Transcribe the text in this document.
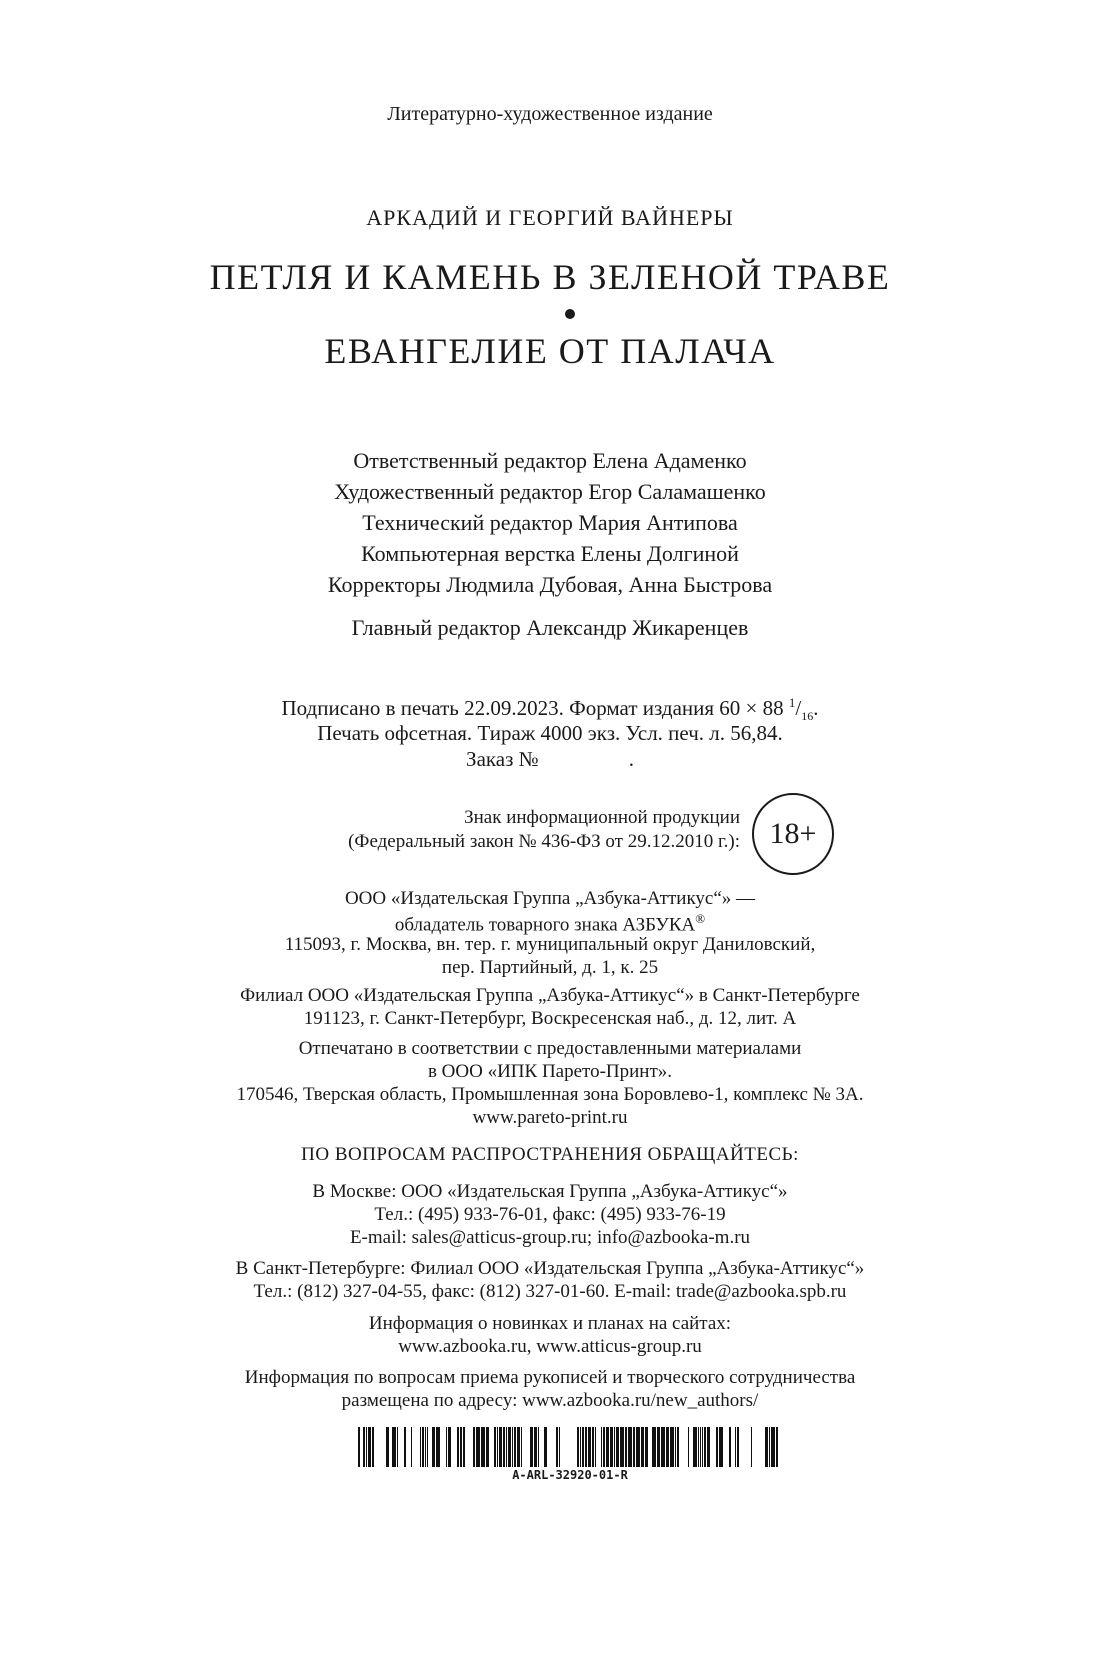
Литературно-художественное издание
АРКАДИЙ И ГЕОРГИЙ ВАЙНЕРЫ
ПЕТЛЯ И КАМЕНЬ В ЗЕЛЕНОЙ ТРАВЕ
ЕВАНГЕЛИЕ ОТ ПАЛАЧА
Ответственный редактор Елена Адаменко
Художественный редактор Егор Саламашенко
Технический редактор Мария Антипова
Компьютерная верстка Елены Долгиной
Корректоры Людмила Дубовая, Анна Быстрова
Главный редактор Александр Жикаренцев
Подписано в печать 22.09.2023. Формат издания 60 × 88 $^1/_{16}$.
Печать офсетная. Тираж 4000 экз. Усл. печ. л. 56,84.
Заказ №	.
Знак информационной продукции
(Федеральный закон № 436-ФЗ от 29.12.2010 г.): 18+
ООО «Издательская Группа „Азбука-Аттикус“» —
обладатель товарного знака АЗБУКА®
115093, г. Москва, вн. тер. г. муниципальный округ Даниловский,
пер. Партийный, д. 1, к. 25
Филиал ООО «Издательская Группа „Азбука-Аттикус“» в Санкт-Петербурге
191123, г. Санкт-Петербург, Воскресенская наб., д. 12, лит. А
Отпечатано в соответствии с предоставленными материалами
в ООО «ИПК Парето-Принт».
170546, Тверская область, Промышленная зона Боровлево-1, комплекс № 3А.
www.pareto-print.ru
ПО ВОПРОСАМ РАСПРОСТРАНЕНИЯ ОБРАЩАЙТЕСЬ:
В Москве: ООО «Издательская Группа „Азбука-Аттикус“»
Тел.: (495) 933-76-01, факс: (495) 933-76-19
E-mail: sales@atticus-group.ru; info@azbooka-m.ru
В Санкт-Петербурге: Филиал ООО «Издательская Группа „Азбука-Аттикус“»
Тел.: (812) 327-04-55, факс: (812) 327-01-60. E-mail: trade@azbooka.spb.ru
Информация о новинках и планах на сайтах:
www.azbooka.ru, www.atticus-group.ru
Информация по вопросам приема рукописей и творческого сотрудничества
размещена по адресу: www.azbooka.ru/new_authors/
A-ARL-32920-01-R
